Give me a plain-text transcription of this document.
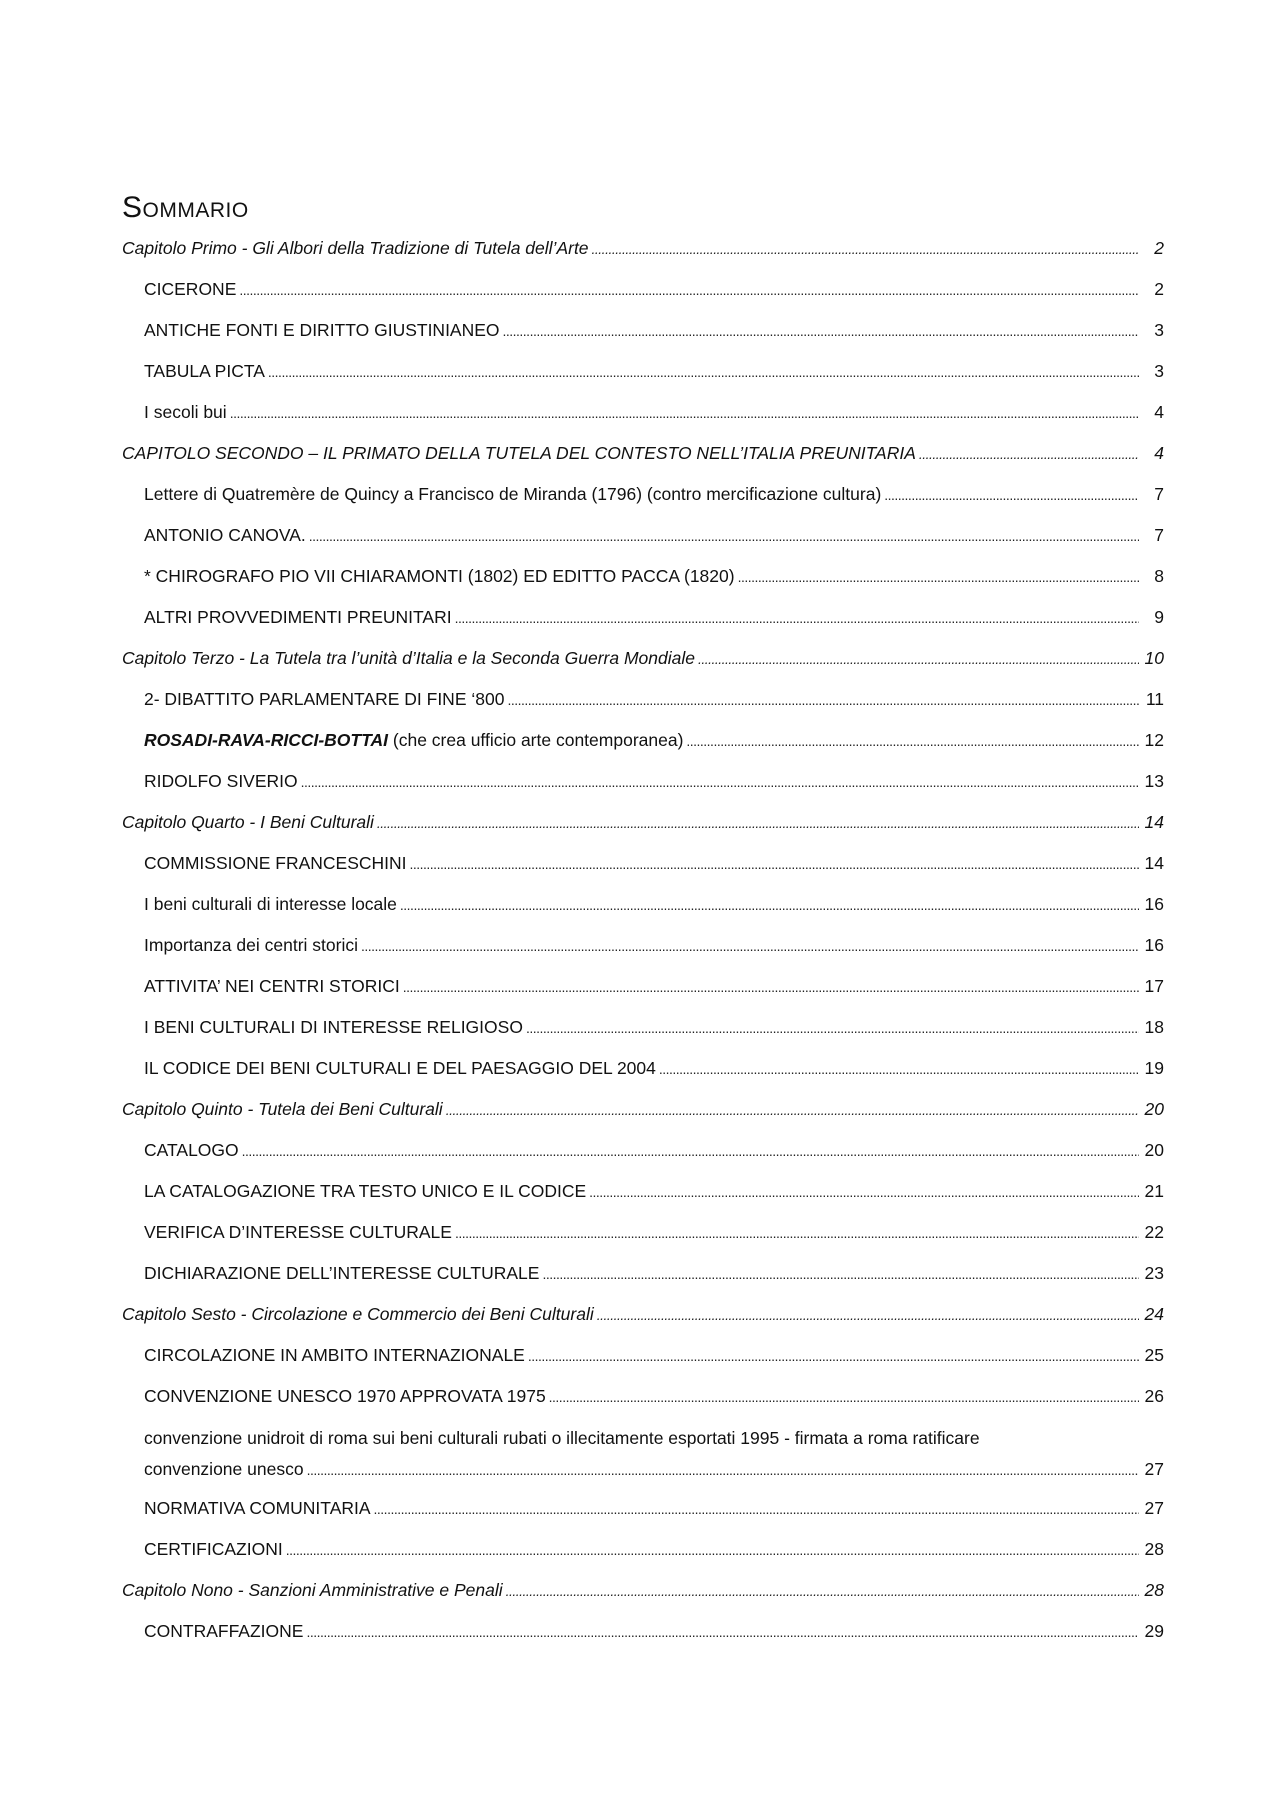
Sommario
Capitolo Primo - Gli Albori della Tradizione di Tutela dell’Arte . . .	2
CICERONE . . .	2
ANTICHE FONTI E DIRITTO GIUSTINIANEO . . .	3
TABULA PICTA . . .	3
I secoli bui . . .	4
CAPITOLO SECONDO – IL PRIMATO DELLA TUTELA DEL CONTESTO NELL’ITALIA PREUNITARIA . . .	4
Lettere di Quatremère de Quincy a Francisco de Miranda (1796) (contro mercificazione cultura) . . .	7
ANTONIO CANOVA. . . .	7
* CHIROGRAFO PIO VII CHIARAMONTI (1802) ED EDITTO PACCA (1820) . . .	8
ALTRI PROVVEDIMENTI PREUNITARI . . .	9
Capitolo Terzo - La Tutela tra l’unità d’Italia e la Seconda Guerra Mondiale . . .	10
2- DIBATTITO PARLAMENTARE DI FINE ‘800 . . .	11
ROSADI-RAVA-RICCI-BOTTAI (che crea ufficio arte contemporanea) . . .	12
RIDOLFO SIVERIO . . .	13
Capitolo Quarto - I Beni Culturali . . .	14
COMMISSIONE FRANCESCHINI . . .	14
I beni culturali di interesse locale . . .	16
Importanza dei centri storici . . .	16
ATTIVITA’ NEI CENTRI STORICI . . .	17
I BENI CULTURALI DI INTERESSE RELIGIOSO . . .	18
IL CODICE DEI BENI CULTURALI E DEL PAESAGGIO DEL 2004 . . .	19
Capitolo Quinto - Tutela dei Beni Culturali . . .	20
CATALOGO . . .	20
LA CATALOGAZIONE TRA TESTO UNICO E IL CODICE . . .	21
VERIFICA D’INTERESSE CULTURALE . . .	22
DICHIARAZIONE DELL’INTERESSE CULTURALE . . .	23
Capitolo Sesto - Circolazione e Commercio dei Beni Culturali . . .	24
CIRCOLAZIONE IN AMBITO INTERNAZIONALE . . .	25
CONVENZIONE UNESCO 1970 APPROVATA 1975 . . .	26
convenzione unidroit di roma sui beni culturali rubati o illecitamente esportati 1995 - firmata a roma ratificare
convenzione unesco . . .	27
NORMATIVA COMUNITARIA . . .	27
CERTIFICAZIONI . . .	28
Capitolo Nono - Sanzioni Amministrative e Penali . . .	28
CONTRAFFAZIONE . . .	29
